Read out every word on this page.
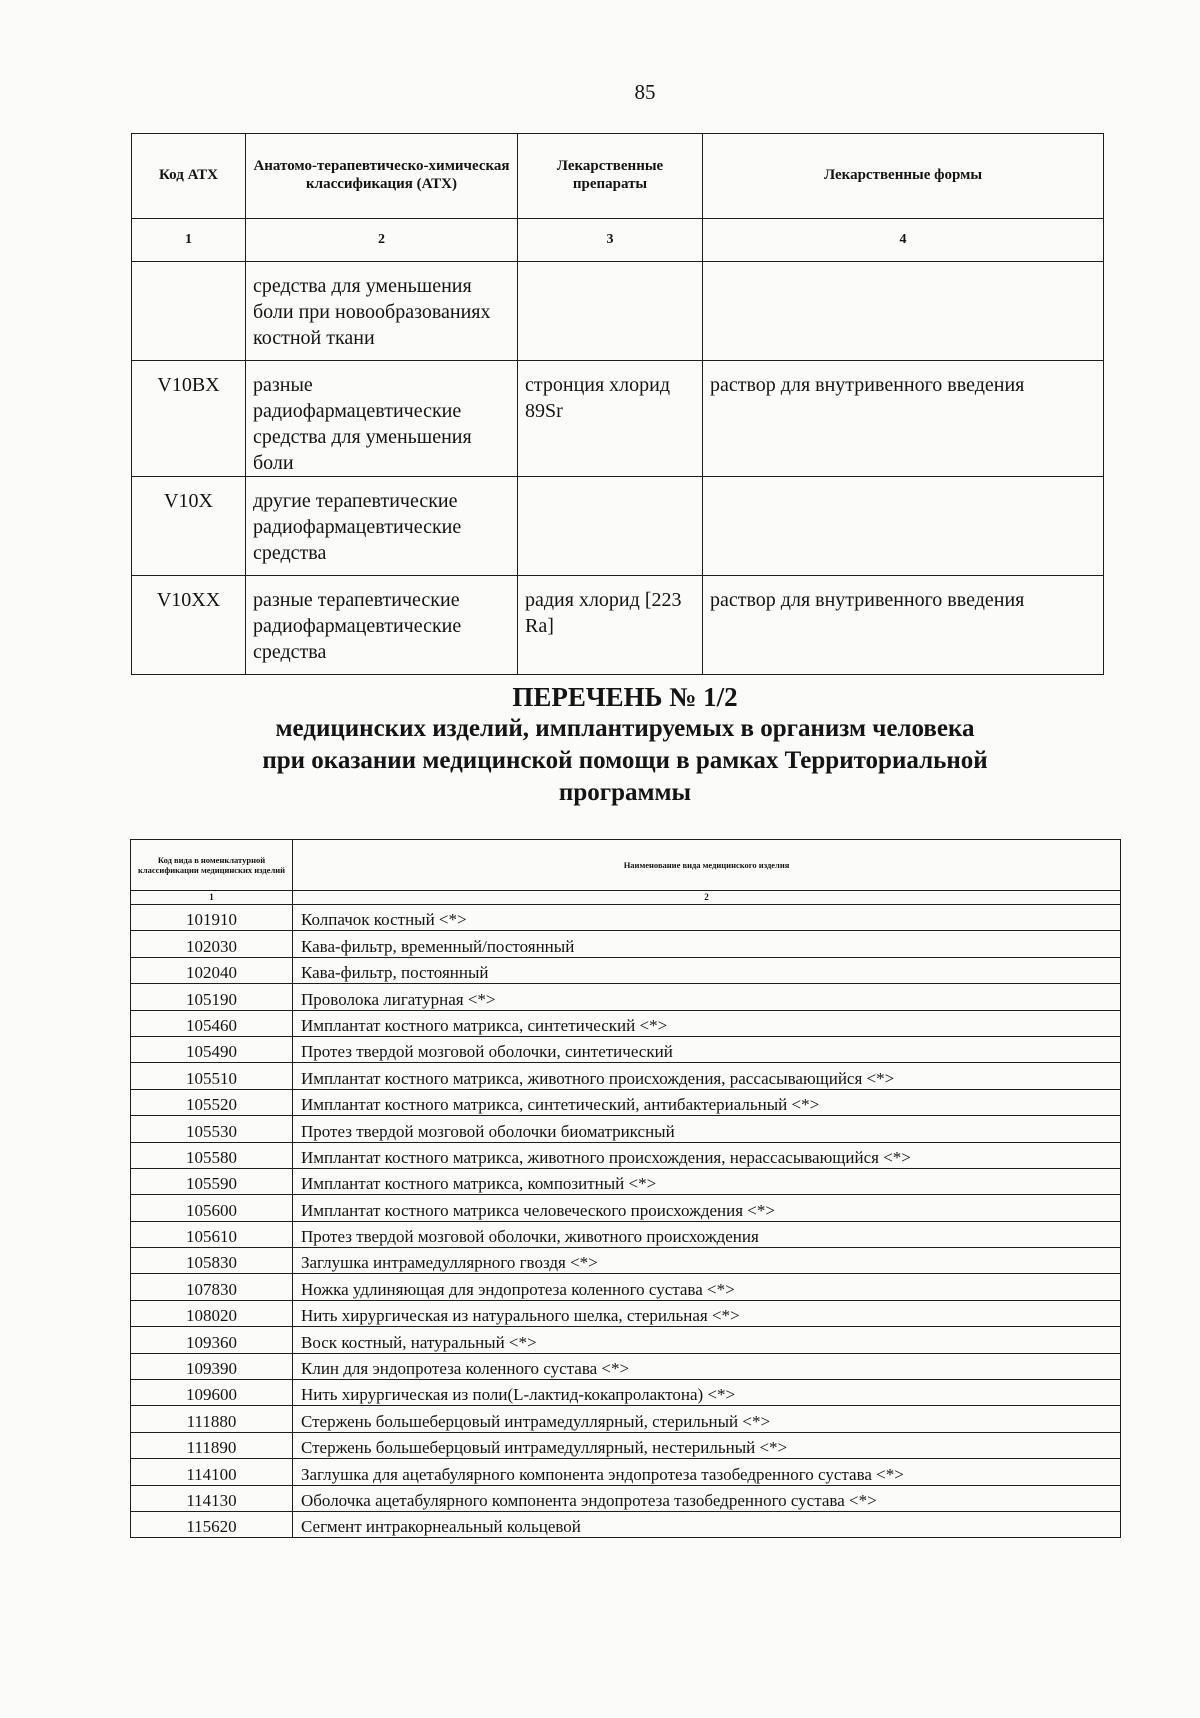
85
Код АТХ	Анатомо-терапевтическо-химическая классификация (АТХ)	Лекарственные препараты	Лекарственные формы
1	2	3	4
	средства для уменьшения боли при новообразованиях костной ткани		
V10BX	разные радиофармацевтические средства для уменьшения боли	стронция хлорид 89Sr	раствор для внутривенного введения
V10X	другие терапевтические радиофармацевтические средства		
V10XX	разные терапевтические радиофармацевтические средства	радия хлорид [223 Ra]	раствор для внутривенного введения
ПЕРЕЧЕНЬ № 1/2
медицинских изделий, имплантируемых в организм человека
при оказании медицинской помощи в рамках Территориальной
программы
Код вида в номенклатурной классификации медицинских изделий	Наименование вида медицинского изделия
1	2
101910	Колпачок костный <*>
102030	Кава-фильтр, временный/постоянный
102040	Кава-фильтр, постоянный
105190	Проволока лигатурная <*>
105460	Имплантат костного матрикса, синтетический <*>
105490	Протез твердой мозговой оболочки, синтетический
105510	Имплантат костного матрикса, животного происхождения, рассасывающийся <*>
105520	Имплантат костного матрикса, синтетический, антибактериальный <*>
105530	Протез твердой мозговой оболочки биоматриксный
105580	Имплантат костного матрикса, животного происхождения, нерассасывающийся <*>
105590	Имплантат костного матрикса, композитный <*>
105600	Имплантат костного матрикса человеческого происхождения <*>
105610	Протез твердой мозговой оболочки, животного происхождения
105830	Заглушка интрамедуллярного гвоздя <*>
107830	Ножка удлиняющая для эндопротеза коленного сустава <*>
108020	Нить хирургическая из натурального шелка, стерильная <*>
109360	Воск костный, натуральный <*>
109390	Клин для эндопротеза коленного сустава <*>
109600	Нить хирургическая из поли(L-лактид-кокапролактона) <*>
111880	Стержень большеберцовый интрамедуллярный, стерильный <*>
111890	Стержень большеберцовый интрамедуллярный, нестерильный <*>
114100	Заглушка для ацетабулярного компонента эндопротеза тазобедренного сустава <*>
114130	Оболочка ацетабулярного компонента эндопротеза тазобедренного сустава <*>
115620	Сегмент интракорнеальный кольцевой
